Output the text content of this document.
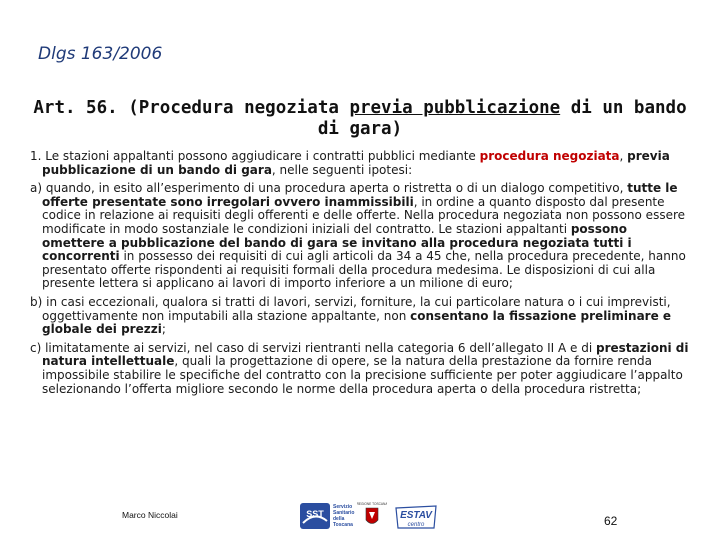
Dlgs 163/2006
Art. 56. (Procedura negoziata previa pubblicazione di un bando di gara)

1. Le stazioni appaltanti possono aggiudicare i contratti pubblici mediante procedura negoziata, previa pubblicazione di un bando di gara, nelle seguenti ipotesi:

a) quando, in esito all’esperimento di una procedura aperta o ristretta o di un dialogo competitivo, tutte le offerte presentate sono irregolari ovvero inammissibili, in ordine a quanto disposto dal presente codice in relazione ai requisiti degli offerenti e delle offerte. Nella procedura negoziata non possono essere modificate in modo sostanziale le condizioni iniziali del contratto. Le stazioni appaltanti possono omettere a pubblicazione del bando di gara se invitano alla procedura negoziata tutti i concorrenti in possesso dei requisiti di cui agli articoli da 34 a 45 che, nella procedura precedente, hanno presentato offerte rispondenti ai requisiti formali della procedura medesima. Le disposizioni di cui alla presente lettera si applicano ai lavori di importo inferiore a un milione di euro;

b) in casi eccezionali, qualora si tratti di lavori, servizi, forniture, la cui particolare natura o i cui imprevisti, oggettivamente non imputabili alla stazione appaltante, non consentano la fissazione preliminare e globale dei prezzi;

c) limitatamente ai servizi, nel caso di servizi rientranti nella categoria 6 dell’allegato II A e di prestazioni di natura intellettuale, quali la progettazione di opere, se la natura della prestazione da fornire renda impossibile stabilire le specifiche del contratto con la precisione sufficiente per poter aggiudicare l’appalto selezionando l’offerta migliore secondo le norme della procedura aperta o della procedura ristretta;

Marco Niccolai	SST
Servizio
Sanitario
della
Toscana
REGIONE TOSCANA
ESTAV
centro	62
